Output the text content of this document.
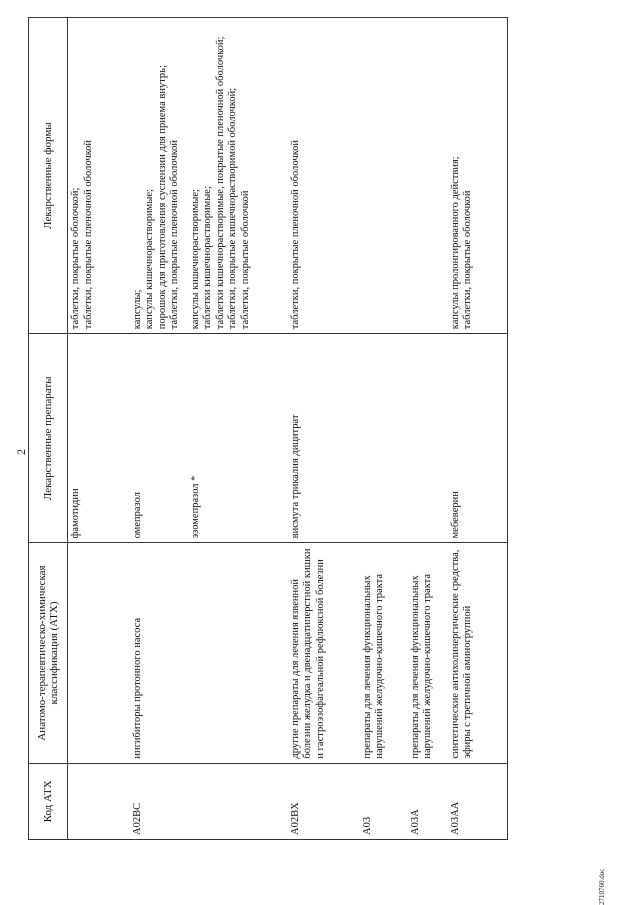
2
Код АТХ	Анатомо-терапевтическо-химическая классификация (АТХ)	Лекарственные препараты	Лекарственные формы
		фамотидин	таблетки, покрытые оболочкой; таблетки, покрытые пленочной оболочкой

A02BC	ингибиторы протонного насоса	омепразол	капсулы; капсулы кишечнорастворимые; порошок для приготовления суспензии для приема внутрь; таблетки, покрытые пленочной оболочкой

		эзомепразол *	капсулы кишечнорастворимые; таблетки кишечнорастворимые; таблетки кишечнорастворимые, покрытые пленочной оболочкой; таблетки, покрытые кишечнорастворимой оболочкой; таблетки, покрытые оболочкой

A02BX	другие препараты для лечения язвенной болезни желудка и двенадцатиперстной кишки и гастроэзофагеальной рефлюксной болезни	висмута трикалия дицитрат	таблетки, покрытые пленочной оболочкой

A03	препараты для лечения функциональных нарушений желудочно-кишечного тракта		
A03A	препараты для лечения функциональных нарушений желудочно-кишечного тракта		
A03AA	синтетические антихолинергические средства, эфиры с третичной аминогруппой	мебеверин	капсулы пролонгированного действия; таблетки, покрытые оболочкой
2710760.doc
